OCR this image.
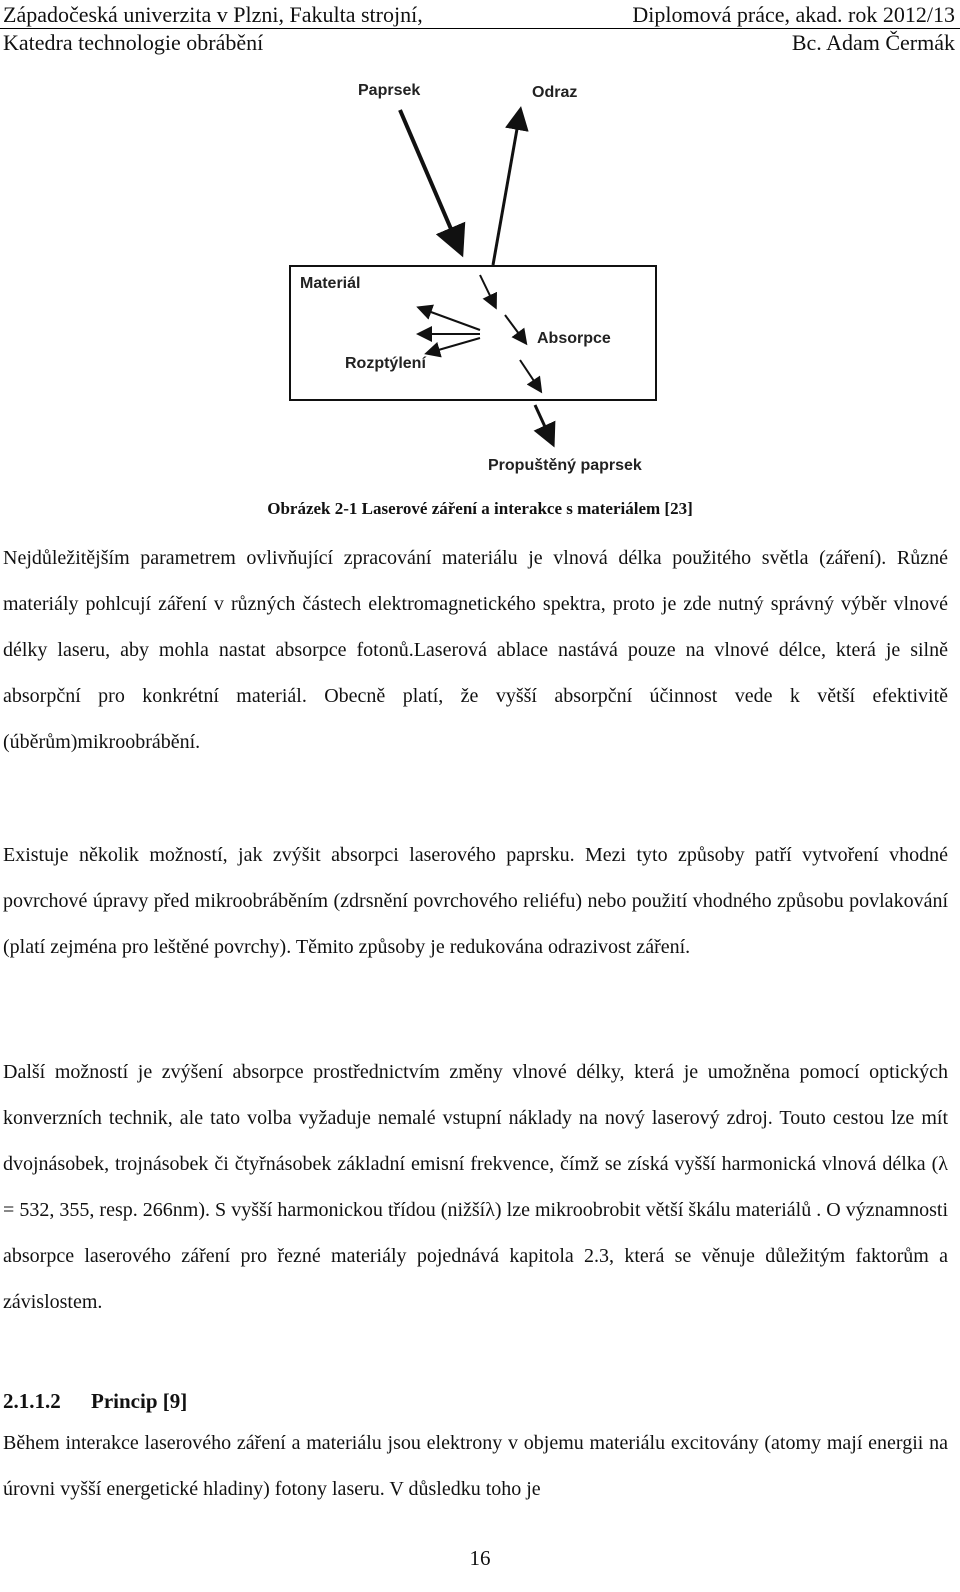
Západočeská univerzita v Plzni, Fakulta strojní,	Diplomová práce, akad. rok 2012/13
Katedra technologie obrábění	Bc. Adam Čermák
Paprsek	Odraz
Materiál
Absorpce
Rozptýlení
Propuštěný paprsek
Obrázek 2-1 Laserové záření a interakce s materiálem [23]

Nejdůležitějším parametrem ovlivňující zpracování materiálu je vlnová délka použitého světla (záření). Různé materiály pohlcují záření v různých částech elektromagnetického spektra, proto je zde nutný správný výběr vlnové délky laseru, aby mohla nastat absorpce fotonů.Laserová ablace nastává pouze na vlnové délce, která je silně absorpční pro konkrétní materiál. Obecně platí, že vyšší absorpční účinnost vede k větší efektivitě (úběrům)mikroobrábění.

Existuje několik možností, jak zvýšit absorpci laserového paprsku. Mezi tyto způsoby patří vytvoření vhodné povrchové úpravy před mikroobráběním (zdrsnění povrchového reliéfu) nebo použití vhodného způsobu povlakování (platí zejména pro leštěné povrchy). Těmito způsoby je redukována odrazivost záření.

Další možností je zvýšení absorpce prostřednictvím změny vlnové délky, která je umožněna pomocí optických konverzních technik, ale tato volba vyžaduje nemalé vstupní náklady na nový laserový zdroj. Touto cestou lze mít dvojnásobek, trojnásobek či čtyřnásobek základní emisní frekvence, čímž se získá vyšší harmonická vlnová délka (λ = 532, 355, resp. 266nm). S vyšší harmonickou třídou (nižšíλ) lze mikroobrobit větší škálu materiálů . O významnosti absorpce laserového záření pro řezné materiály pojednává kapitola 2.3, která se věnuje důležitým faktorům a závislostem.

2.1.1.2 Princip [9]

Během interakce laserového záření a materiálu jsou elektrony v objemu materiálu excitovány (atomy mají energii na úrovni vyšší energetické hladiny) fotony laseru. V důsledku toho je

16
